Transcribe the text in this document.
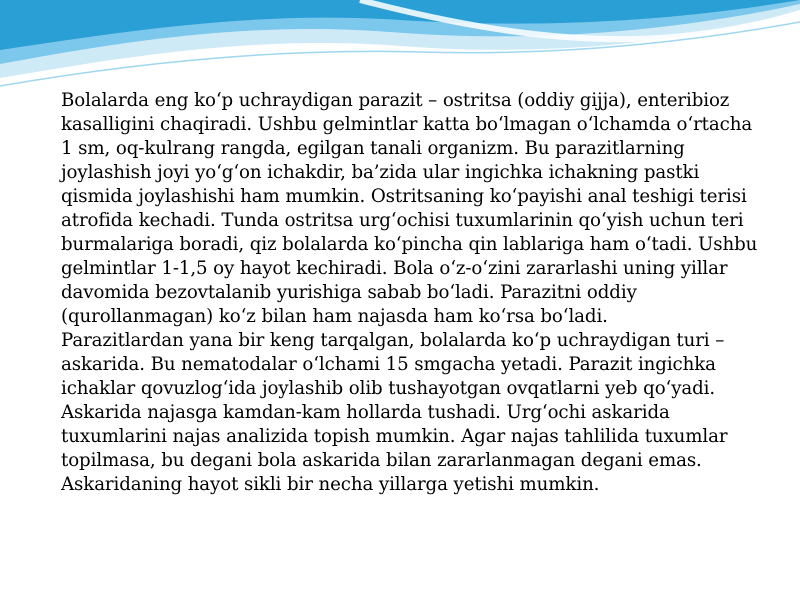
Bolalarda eng ko‘p uchraydigan parazit – ostritsa (oddiy gijja), enteribioz kasalligini chaqiradi. Ushbu gelmintlar katta bo‘lmagan o‘lchamda o‘rtacha 1 sm, oq-kulrang rangda, egilgan tanali organizm. Bu parazitlarning joylashish joyi yo‘g‘on ichakdir, ba’zida ular ingichka ichakning pastki qismida joylashishi ham mumkin. Ostritsaning ko‘payishi anal teshigi terisi atrofida kechadi. Tunda ostritsa urg‘ochisi tuxumlarinin qo‘yish uchun teri burmalariga boradi, qiz bolalarda ko‘pincha qin lablariga ham o‘tadi. Ushbu gelmintlar 1-1,5 oy hayot kechiradi. Bola o‘z-o‘zini zararlashi uning yillar davomida bezovtalanib yurishiga sabab bo‘ladi. Parazitni oddiy (qurollanmagan) ko‘z bilan ham najasda ham ko‘rsa bo‘ladi.

Parazitlardan yana bir keng tarqalgan, bolalarda ko‘p uchraydigan turi – askarida. Bu nematodalar o‘lchami 15 smgacha yetadi. Parazit ingichka ichaklar qovuzlog‘ida joylashib olib tushayotgan ovqatlarni yeb qo‘yadi. Askarida najasga kamdan-kam hollarda tushadi. Urg‘ochi askarida tuxumlarini najas analizida topish mumkin. Agar najas tahlilida tuxumlar topilmasa, bu degani bola askarida bilan zararlanmagan degani emas. Askaridaning hayot sikli bir necha yillarga yetishi mumkin.
